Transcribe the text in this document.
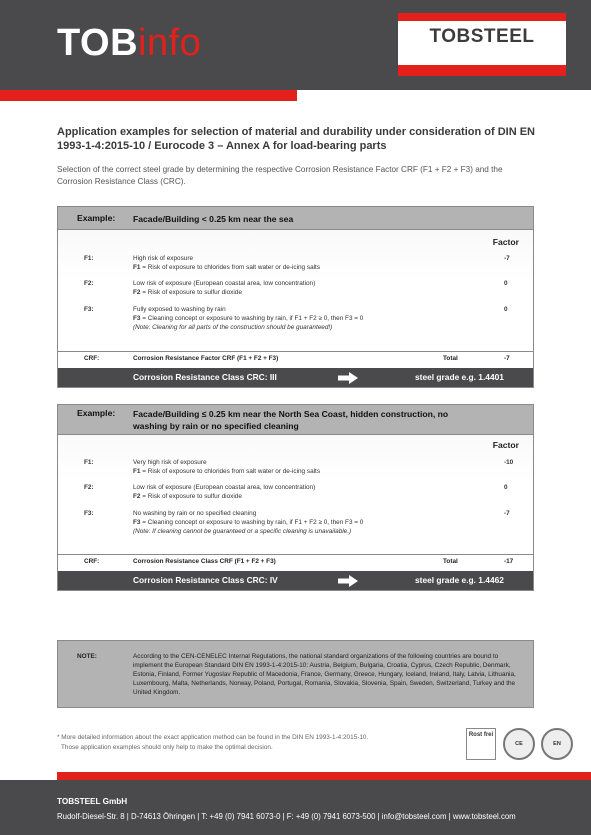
TOBinfo	TOBSTEEL
Application examples for selection of material and durability under consideration of DIN EN 1993-1-4:2015-10 / Eurocode 3 – Annex A for load-bearing parts
Selection of the correct steel grade by determining the respective Corrosion Resistance Factor CRF (F1 + F2 + F3) and the Corrosion Resistance Class (CRC).
Example: Facade/Building < 0.25 km near the sea
Factor
F1:	High risk of exposure
F1 = Risk of exposure to chlorides from salt water or de-icing salts
-7
F2:	Low risk of exposure (European coastal area, low concentration)
F2 = Risk of exposure to sulfur dioxide
0
F3:	Fully exposed to washing by rain
F3 = Cleaning concept or exposure to washing by rain, if F1 + F2 ≥ 0, then F3 = 0
(Note: Cleaning for all parts of the construction should be guaranteed!)
0
CRF:	Corrosion Resistance Factor CRF (F1 + F2 + F3)	Total	-7
Corrosion Resistance Class CRC: III	steel grade e.g. 1.4401
Example: Facade/Building ≤ 0.25 km near the North Sea Coast, hidden construction, no washing by rain or no specified cleaning
Factor
F1:	Very high risk of exposure
F1 = Risk of exposure to chlorides from salt water or de-icing salts
-10
F2:	Low risk of exposure (European coastal area, low concentration)
F2 = Risk of exposure to sulfur dioxide
0
F3:	No washing by rain or no specified cleaning
F3 = Cleaning concept or exposure to washing by rain, if F1 + F2 ≥ 0, then F3 = 0
(Note: If cleaning cannot be guaranteed or a specific cleaning is unavailable.)
-7
CRF:	Corrosion Resistance Class CRF (F1 + F2 + F3)	Total	-17
Corrosion Resistance Class CRC: IV	steel grade e.g. 1.4462
NOTE:	According to the CEN-CENELEC Internal Regulations, the national standard organizations of the following countries are bound to implement the European Standard DIN EN 1993-1-4:2015-10: Austria, Belgium, Bulgaria, Croatia, Cyprus, Czech Republic, Denmark, Estonia, Finland, Former Yugoslav Republic of Macedonia, France, Germany, Greece, Hungary, Iceland, Ireland, Italy, Latvia, Lithuania, Luxembourg, Malta, Netherlands, Norway, Poland, Portugal, Romania, Slovakia, Slovenia, Spain, Sweden, Switzerland, Turkey and the United Kingdom.
* More detailed information about the exact application method can be found in the DIN EN 1993-1-4:2015-10.
Those application examples should only help to make the optimal decision.
Rost frei
CE	EN
TOBSTEEL GmbH
Rudolf-Diesel-Str. 8 | D-74613 Öhringen | T: +49 (0) 7941 6073-0 | F: +49 (0) 7941 6073-500 | info@tobsteel.com | www.tobsteel.com
